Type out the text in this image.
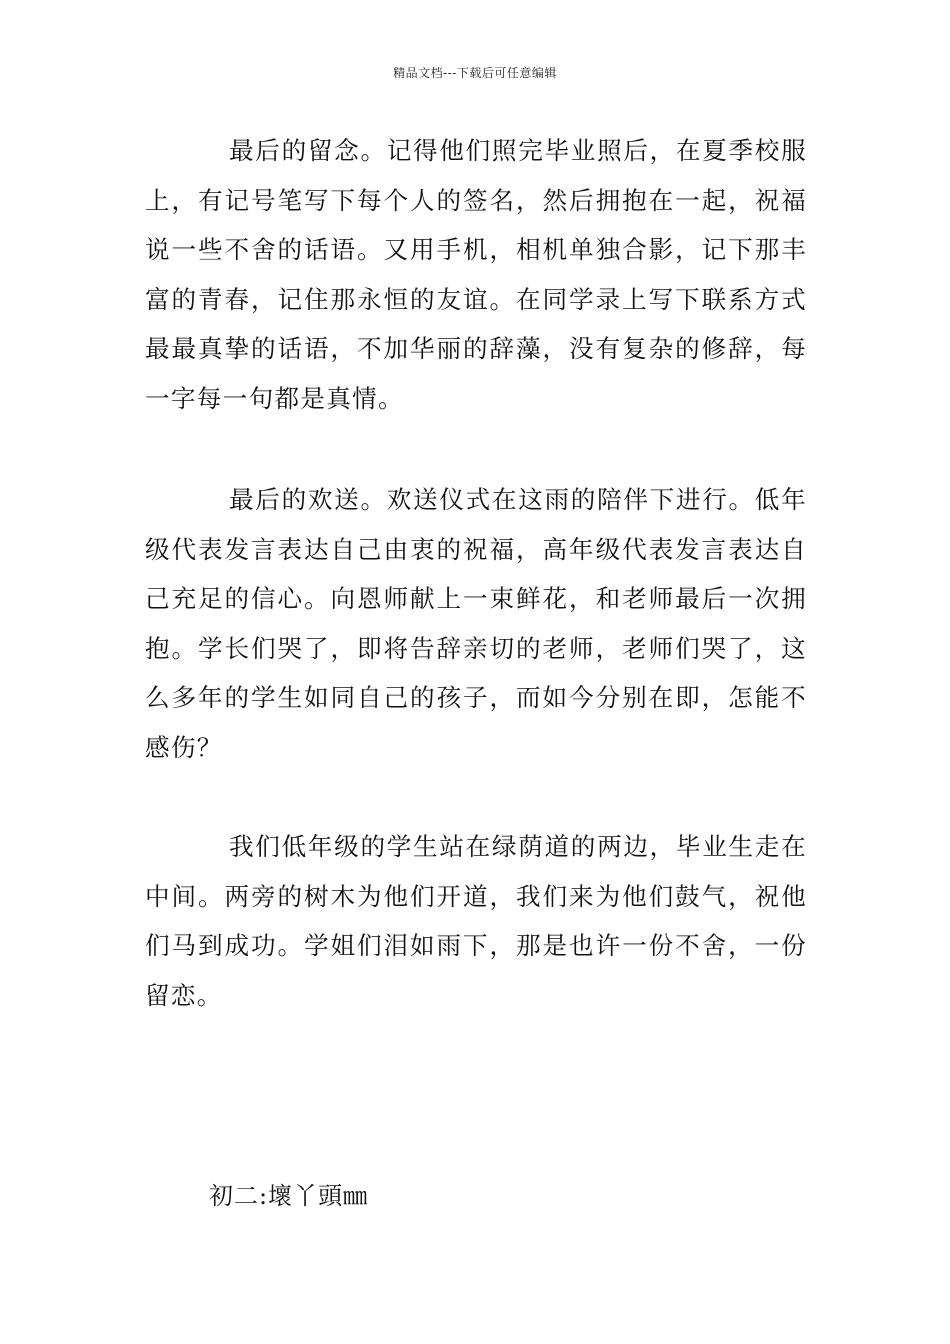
精品文档---下载后可任意编辑

最后的留念。记得他们照完毕业照后，在夏季校服上，有记号笔写下每个人的签名，然后拥抱在一起，祝福说一些不舍的话语。又用手机，相机单独合影，记下那丰富的青春，记住那永恒的友谊。在同学录上写下联系方式最最真挚的话语，不加华丽的辞藻，没有复杂的修辞，每一字每一句都是真情。

最后的欢送。欢送仪式在这雨的陪伴下进行。低年级代表发言表达自己由衷的祝福，高年级代表发言表达自己充足的信心。向恩师献上一束鲜花，和老师最后一次拥抱。学长们哭了，即将告辞亲切的老师，老师们哭了，这么多年的学生如同自己的孩子，而如今分别在即，怎能不感伤？

我们低年级的学生站在绿荫道的两边，毕业生走在中间。两旁的树木为他们开道，我们来为他们鼓气，祝他们马到成功。学姐们泪如雨下，那是也许一份不舍，一份留恋。

初二:壞丫頭㎜
